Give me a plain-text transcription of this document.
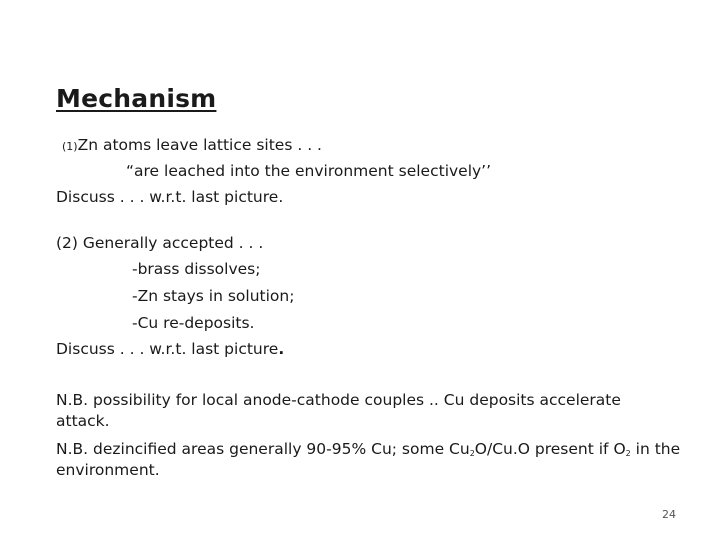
Mechanism
(1)Zn atoms leave lattice sites . . .
“are leached into the environment selectively’’
Discuss . . . w.r.t. last picture.
(2) Generally accepted . . .
-brass dissolves;
-Zn stays in solution;
-Cu re-deposits.
Discuss . . . w.r.t. last picture.
N.B. possibility for local anode-cathode couples .. Cu deposits accelerate
attack.
N.B. dezincified areas generally 90-95% Cu; some $Cu_2O/Cu.O$ present if $O_2$ in the
environment.
24
